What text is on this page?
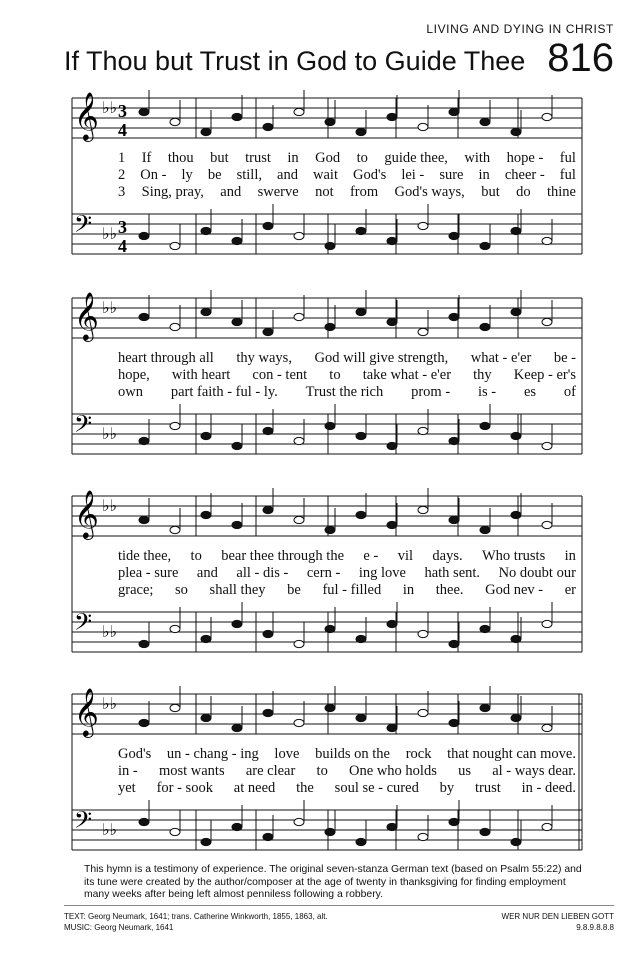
LIVING AND DYING IN CHRIST
If Thou but Trust in God to Guide Thee 816
𝄞 ♭♭
𝄢 ♭♭
3
4
3
4
1 If thou but trust in God to guide thee, with hope - ful
2 On - ly be still, and wait God's lei - sure in cheer - ful
3 Sing, pray, and swerve not from God's ways, but do thine
𝄞 ♭♭
𝄢 ♭♭
heart through all thy ways, God will give strength, what - e'er be -
hope, with heart con - tent to take what - e'er thy Keep - er's
own part faith - ful - ly. Trust the rich prom - is - es of
𝄞 ♭♭
𝄢 ♭♭
tide thee, to bear thee through the e - vil days. Who trusts in
plea - sure and all - dis - cern - ing love hath sent. No doubt our
grace; so shall they be ful - filled in thee. God nev - er
𝄞 ♭♭
𝄢 ♭♭
God's un - chang - ing love builds on the rock that nought can move.
in - most wants are clear to One who holds us al - ways dear.
yet for - sook at need the soul se - cured by trust in - deed.
This hymn is a testimony of experience. The original seven-stanza German text (based on Psalm 55:22) and its tune were created by the author/composer at the age of twenty in thanksgiving for finding employment many weeks after being left almost penniless following a robbery.
TEXT: Georg Neumark, 1641; trans. Catherine Winkworth, 1855, 1863, alt.
MUSIC: Georg Neumark, 1641
WER NUR DEN LIEBEN GOTT
9.8.9.8.8.8
